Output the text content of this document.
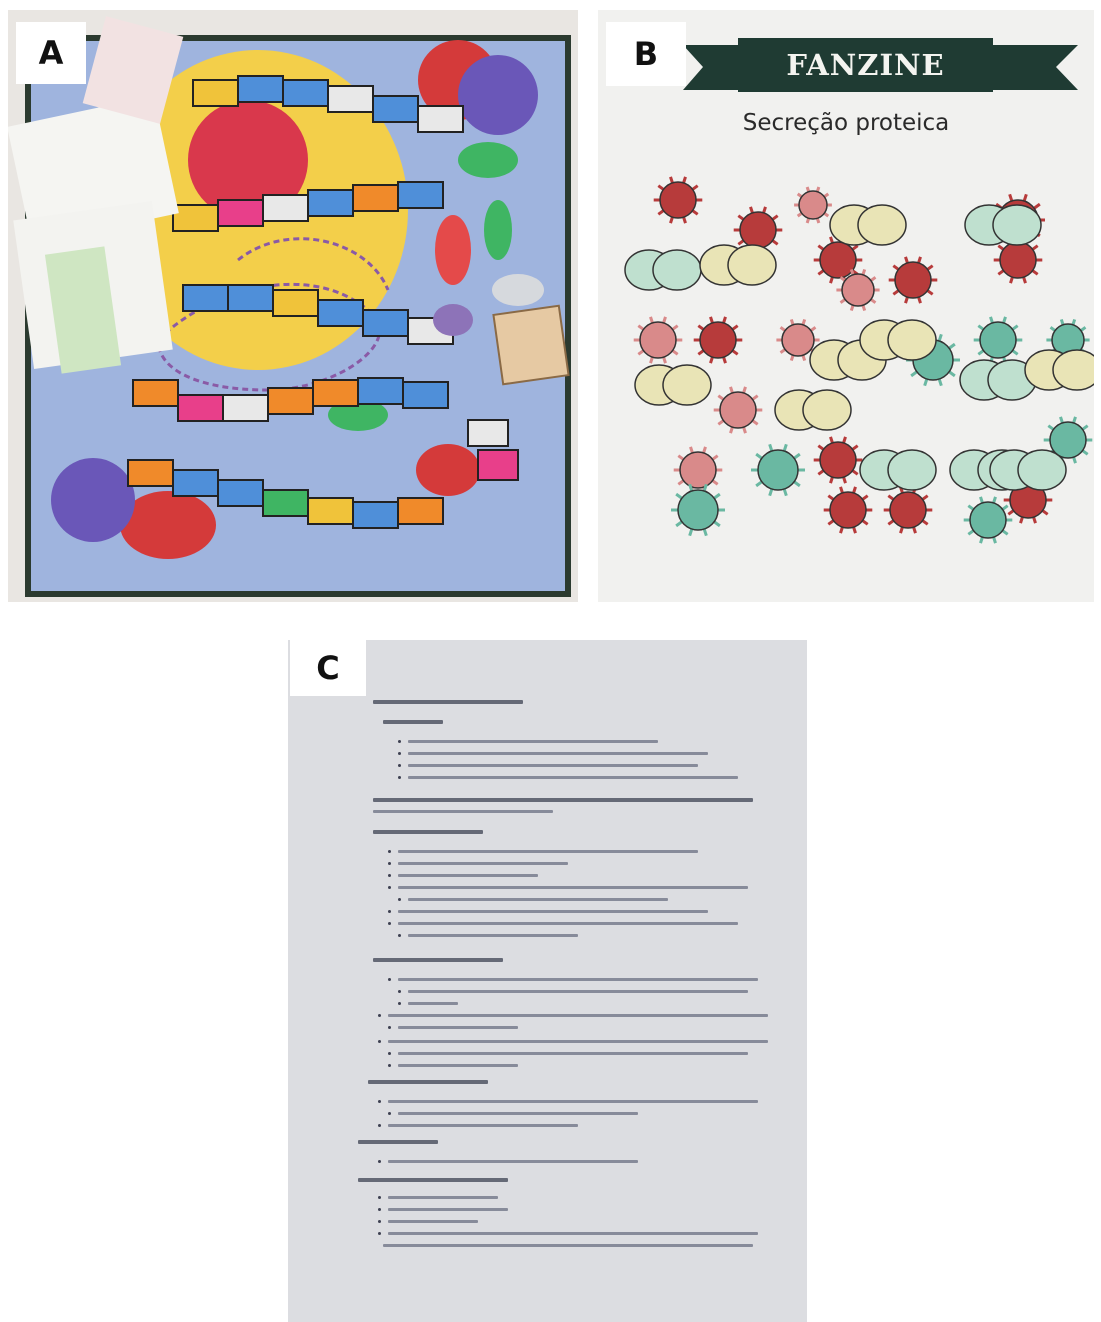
A	FANZINE
Secreção proteica
B
C
